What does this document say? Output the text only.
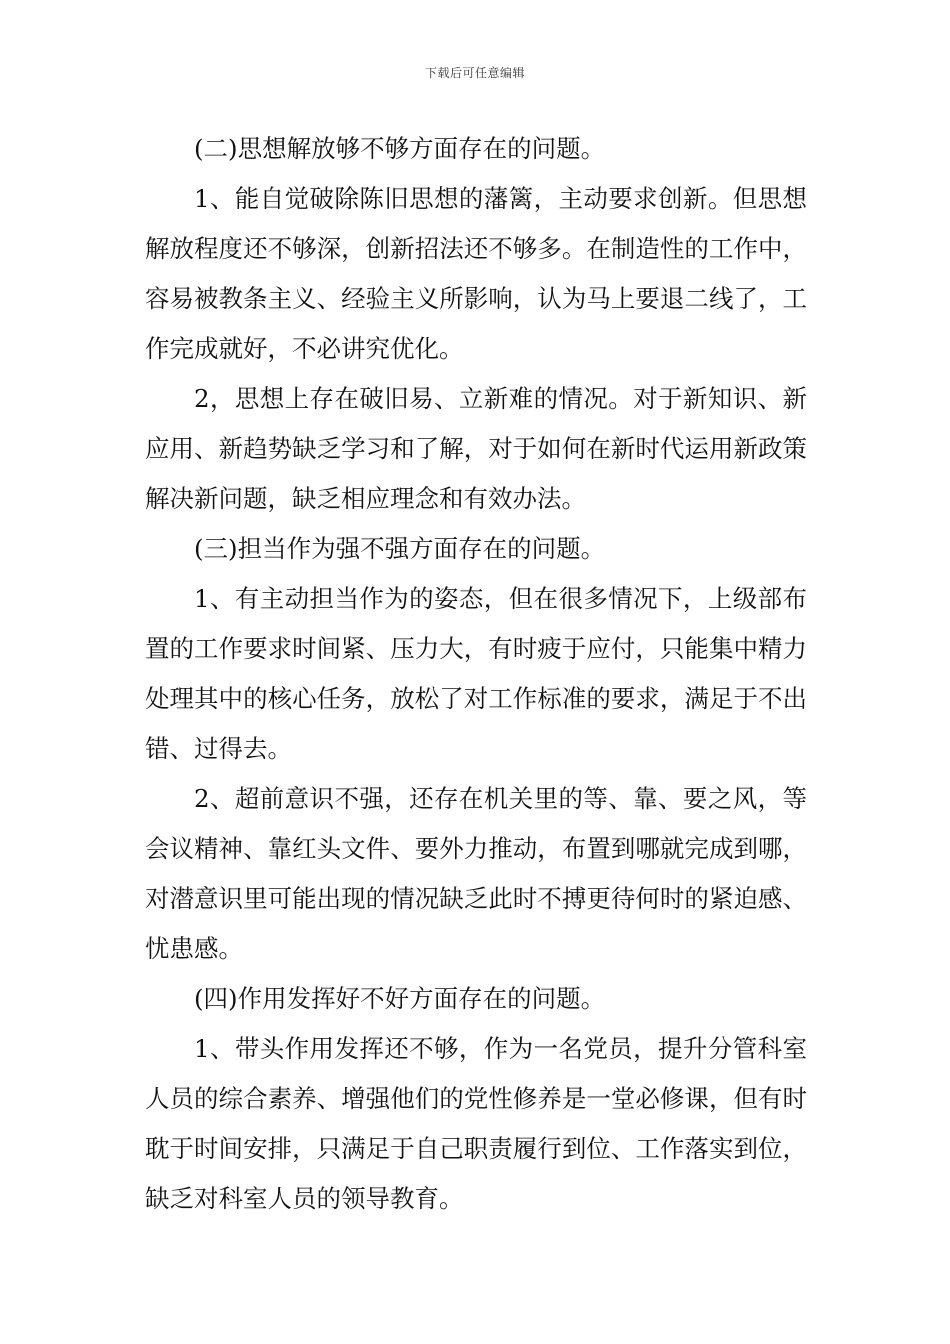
下载后可任意编辑

(二)思想解放够不够方面存在的问题。

1、能自觉破除陈旧思想的藩篱，主动要求创新。但思想解放程度还不够深，创新招法还不够多。在制造性的工作中，容易被教条主义、经验主义所影响，认为马上要退二线了，工作完成就好，不必讲究优化。

2，思想上存在破旧易、立新难的情况。对于新知识、新应用、新趋势缺乏学习和了解，对于如何在新时代运用新政策解决新问题，缺乏相应理念和有效办法。

(三)担当作为强不强方面存在的问题。

1、有主动担当作为的姿态，但在很多情况下，上级部布置的工作要求时间紧、压力大，有时疲于应付，只能集中精力处理其中的核心任务，放松了对工作标准的要求，满足于不出错、过得去。

2、超前意识不强，还存在机关里的等、靠、要之风，等会议精神、靠红头文件、要外力推动，布置到哪就完成到哪，对潜意识里可能出现的情况缺乏此时不搏更待何时的紧迫感、忧患感。

(四)作用发挥好不好方面存在的问题。

1、带头作用发挥还不够，作为一名党员，提升分管科室人员的综合素养、增强他们的党性修养是一堂必修课，但有时耽于时间安排，只满足于自己职责履行到位、工作落实到位，缺乏对科室人员的领导教育。
